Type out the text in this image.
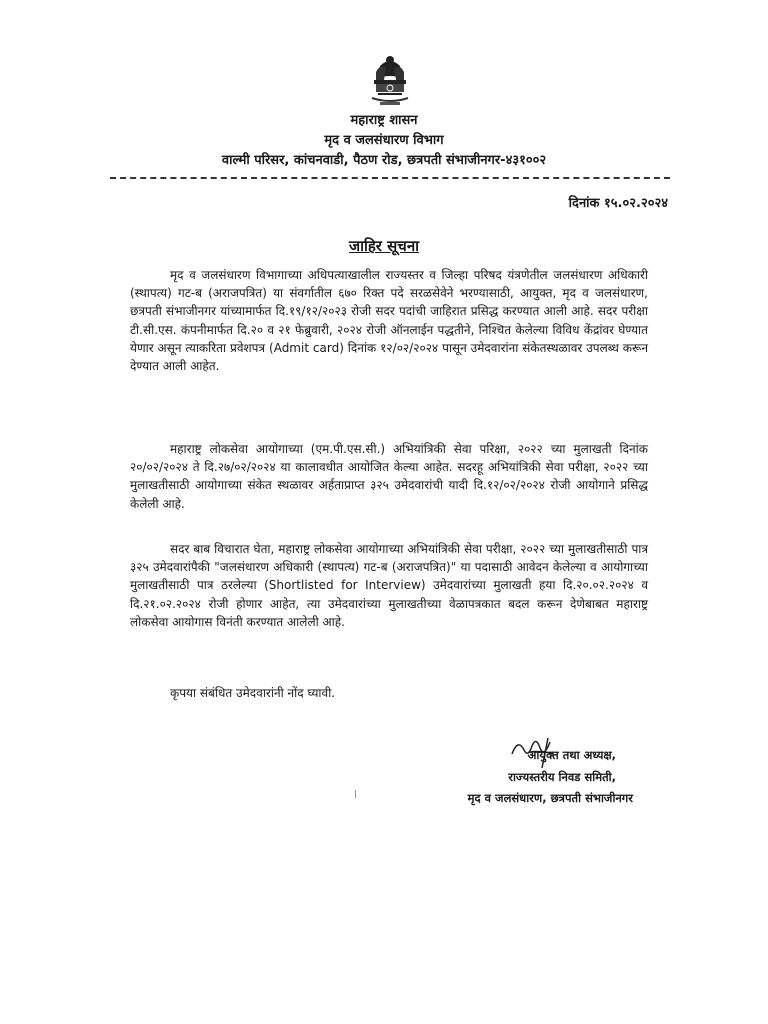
महाराष्ट्र शासन
मृद व जलसंधारण विभाग
वाल्मी परिसर, कांचनवाडी, पैठण रोड, छत्रपती संभाजीनगर-४३१००२
दिनांक १५.०२.२०२४
जाहिर सूचना
मृद व जलसंधारण विभागाच्या अधिपत्याखालील राज्यस्तर व जिल्हा परिषद यंत्रणेतील जलसंधारण अधिकारी (स्थापत्य) गट-ब (अराजपत्रित) या संवर्गातील ६७० रिक्त पदे सरळसेवेने भरण्यासाठी, आयुक्त, मृद व जलसंधारण, छत्रपती संभाजीनगर यांच्यामार्फत दि.१९/१२/२०२३ रोजी सदर पदांची जाहिरात प्रसिद्ध करण्यात आली आहे. सदर परीक्षा टी.सी.एस. कंपनीमार्फत दि.२० व २१ फेब्रुवारी, २०२४ रोजी ऑनलाईन पद्धतीने, निश्चित केलेल्या विविध केंद्रांवर घेण्यात येणार असून त्याकरिता प्रवेशपत्र (Admit card) दिनांक १२/०२/२०२४ पासून उमेदवारांना संकेतस्थळावर उपलब्ध करून देण्यात आली आहेत.
महाराष्ट्र लोकसेवा आयोगाच्या (एम.पी.एस.सी.) अभियांत्रिकी सेवा परिक्षा, २०२२ च्या मुलाखती दिनांक २०/०२/२०२४ ते दि.२७/०२/२०२४ या कालावधीत आयोजित केल्या आहेत. सदरहू अभियांत्रिकी सेवा परीक्षा, २०२२ च्या मुलाखतीसाठी आयोगाच्या संकेत स्थळावर अर्हताप्राप्त ३२५ उमेदवारांची यादी दि.१२/०२/२०२४ रोजी आयोगाने प्रसिद्ध केलेली आहे.
सदर बाब विचारात घेता, महाराष्ट्र लोकसेवा आयोगाच्या अभियांत्रिकी सेवा परीक्षा, २०२२ च्या मुलाखतीसाठी पात्र ३२५ उमेदवारांपैकी "जलसंधारण अधिकारी (स्थापत्य) गट-ब (अराजपत्रित)" या पदासाठी आवेदन केलेल्या व आयोगाच्या मुलाखतीसाठी पात्र ठरलेल्या (Shortlisted for Interview) उमेदवारांच्या मुलाखती हया दि.२०.०२.२०२४ व दि.२१.०२.२०२४ रोजी होणार आहेत, त्या उमेदवारांच्या मुलाखतीच्या वेळापत्रकात बदल करून देणेबाबत महाराष्ट्र लोकसेवा आयोगास विनंती करण्यात आलेली आहे.
कृपया संबंधित उमेदवारांनी नोंद घ्यावी.
आयुक्त तथा अध्यक्ष,
राज्यस्तरीय निवड समिती,
मृद व जलसंधारण, छत्रपती संभाजीनगर
